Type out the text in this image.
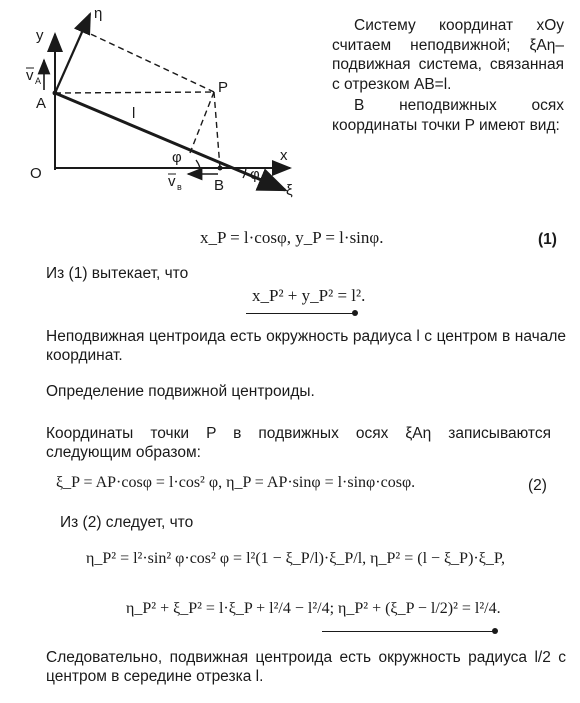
y
η
v A
A
P
l
φ
φ
x
O	v в B	ξ

Систему координат xOy считаем неподвижной; ξAη– подвижная система, связанная с отрезком AB=l.

В неподвижных осях координаты точки P имеют вид:

x_P = l·cosφ, y_P = l·sinφ.	(1)
Из (1) вытекает, что
x_P² + y_P² = l².
Неподвижная центроида есть окружность радиуса l с центром в начале координат.
Определение подвижной центроиды.
Координаты точки P в подвижных осях ξAη записываются следующим образом:
ξ_P = AP·cosφ = l·cos² φ, η_P = AP·sinφ = l·sinφ·cosφ.	(2)
Из (2) следует, что
η_P² = l²·sin² φ·cos² φ = l²(1 − ξ_P/l)·ξ_P/l, η_P² = (l − ξ_P)·ξ_P,
η_P² + ξ_P² = l·ξ_P + l²/4 − l²/4; η_P² + (ξ_P − l/2)² = l²/4.
Следовательно, подвижная центроида есть окружность радиуса l/2 с центром в середине отрезка l.
